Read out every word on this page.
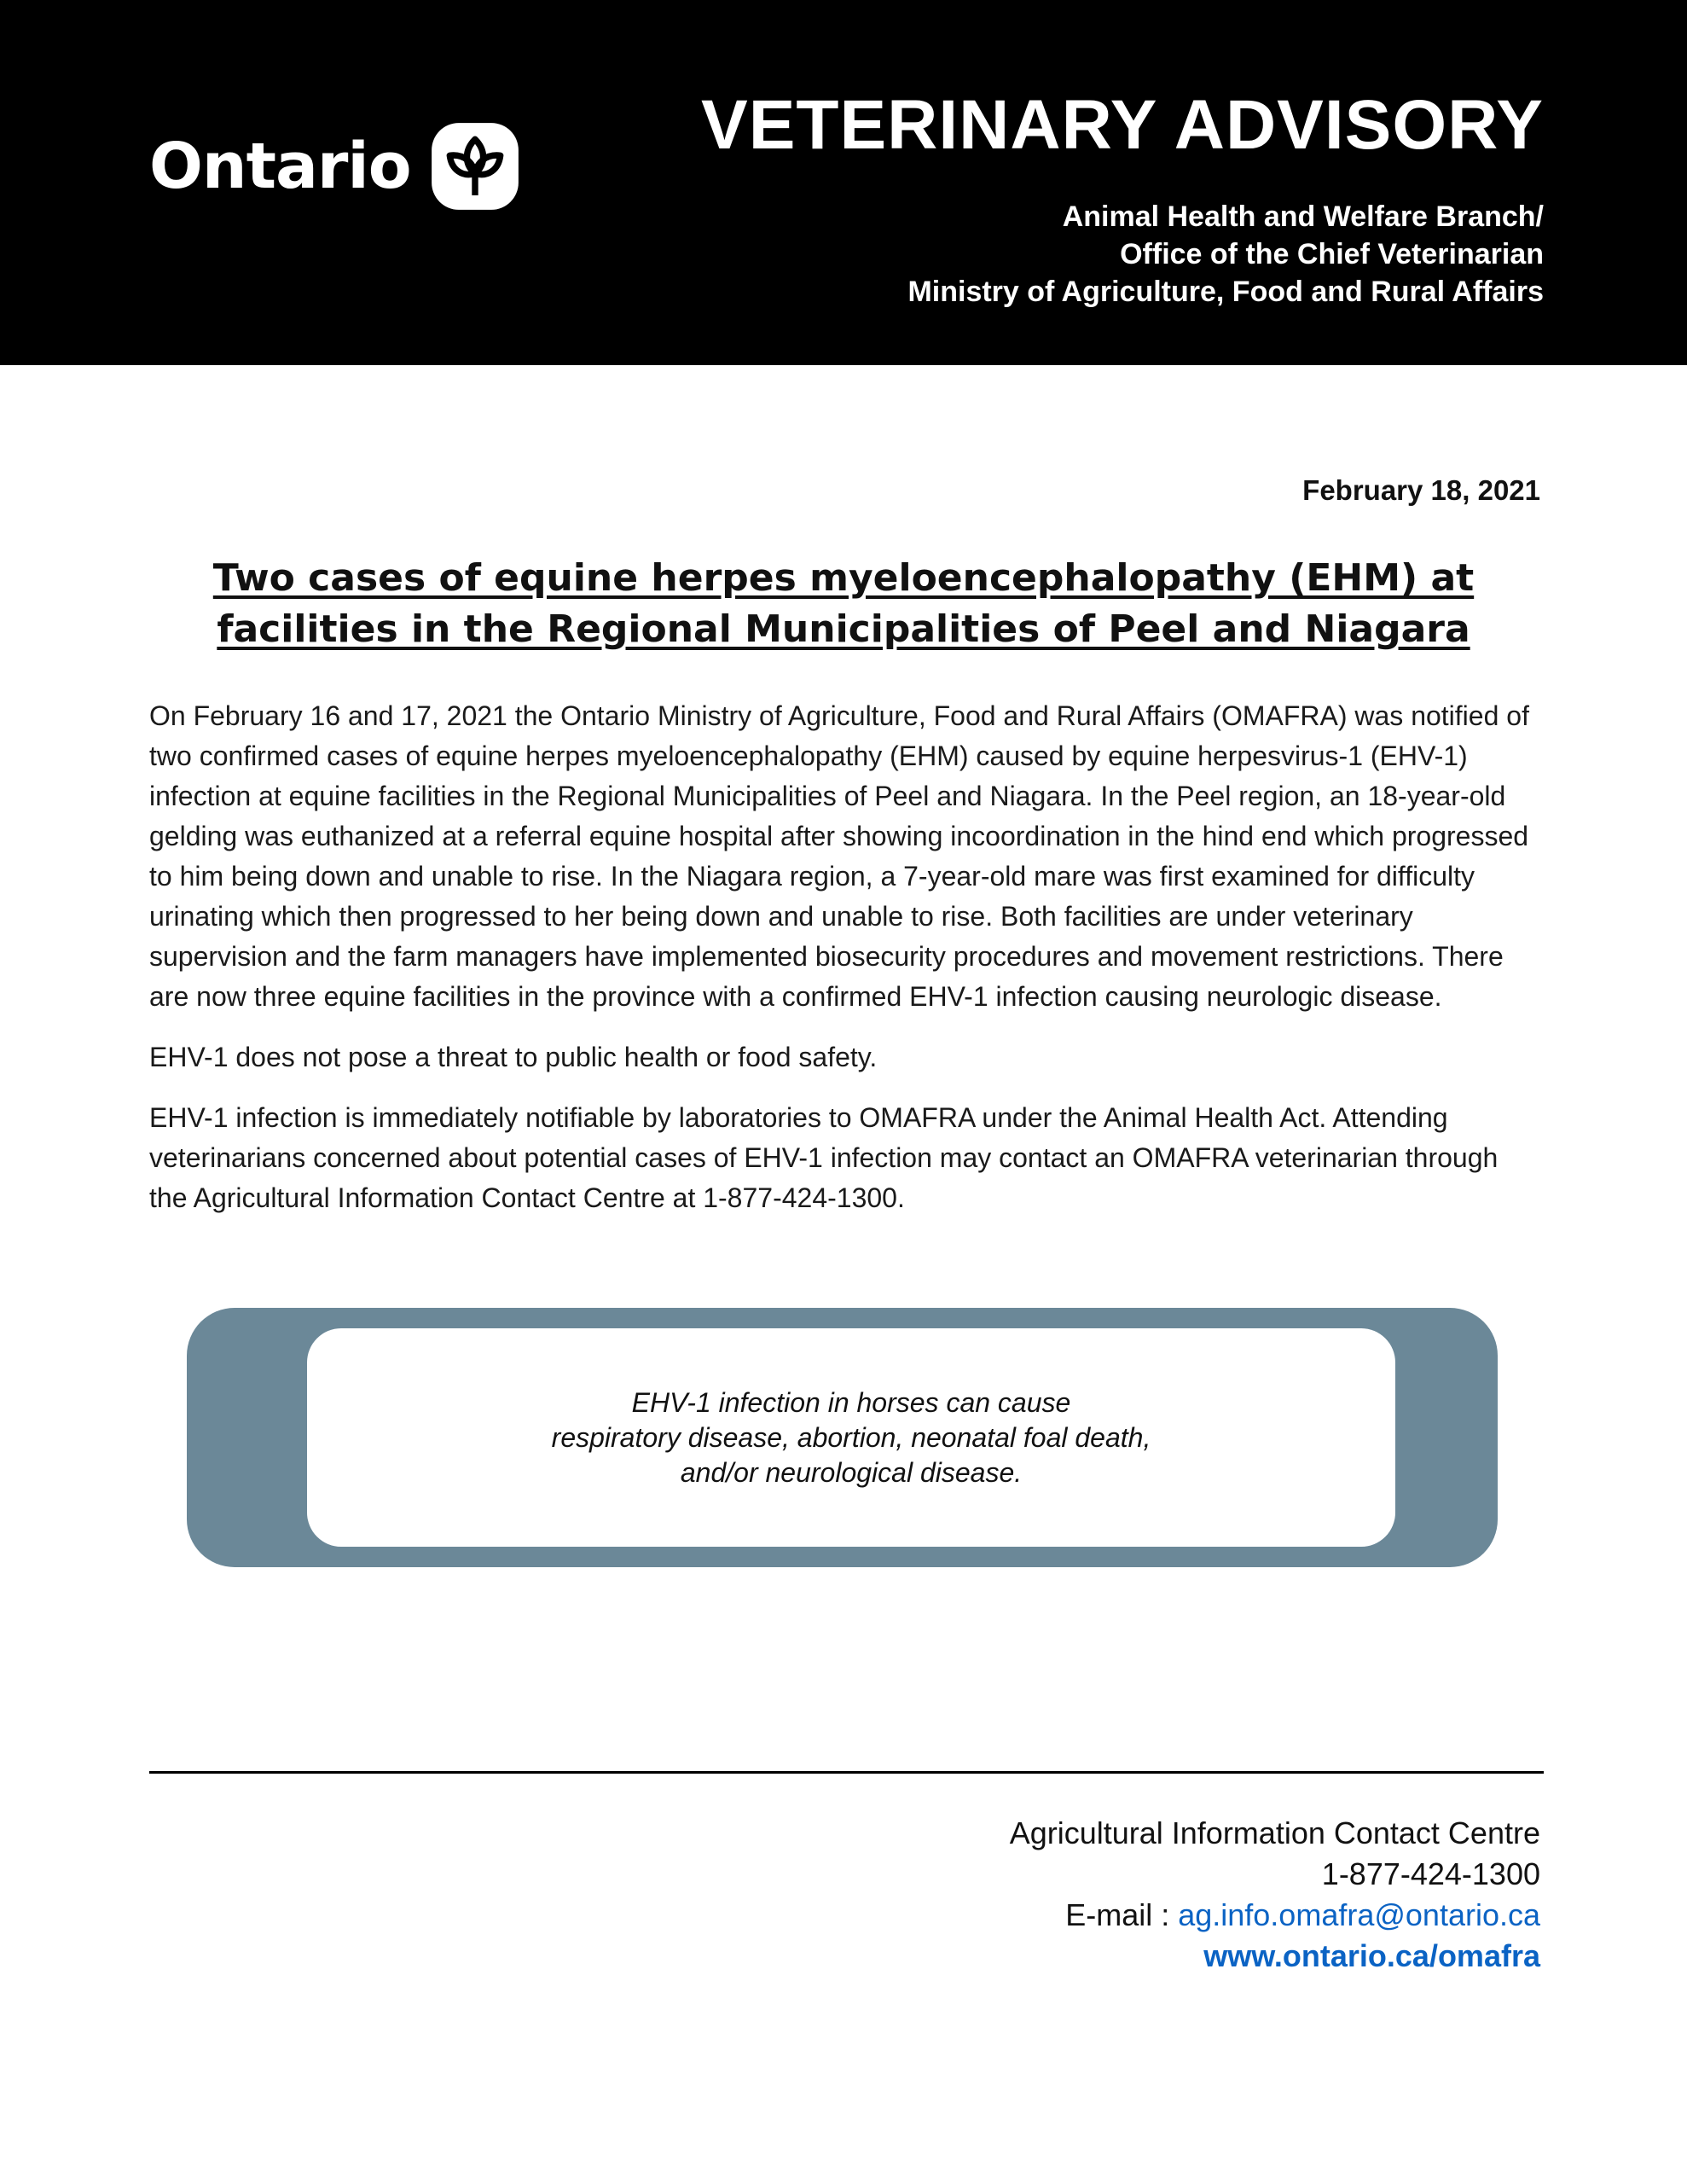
Ontario
VETERINARY ADVISORY
Animal Health and Welfare Branch/
Office of the Chief Veterinarian
Ministry of Agriculture, Food and Rural Affairs
February 18, 2021
Two cases of equine herpes myeloencephalopathy (EHM) at
facilities in the Regional Municipalities of Peel and Niagara

On February 16 and 17, 2021 the Ontario Ministry of Agriculture, Food and Rural Affairs (OMAFRA) was notified of two confirmed cases of equine herpes myeloencephalopathy (EHM) caused by equine herpesvirus-1 (EHV-1) infection at equine facilities in the Regional Municipalities of Peel and Niagara. In the Peel region, an 18-year-old gelding was euthanized at a referral equine hospital after showing incoordination in the hind end which progressed to him being down and unable to rise. In the Niagara region, a 7-year-old mare was first examined for difficulty urinating which then progressed to her being down and unable to rise. Both facilities are under veterinary supervision and the farm managers have implemented biosecurity procedures and movement restrictions. There are now three equine facilities in the province with a confirmed EHV-1 infection causing neurologic disease.

EHV-1 does not pose a threat to public health or food safety.

EHV-1 infection is immediately notifiable by laboratories to OMAFRA under the Animal Health Act. Attending veterinarians concerned about potential cases of EHV-1 infection may contact an OMAFRA veterinarian through the Agricultural Information Contact Centre at 1-877-424-1300.

EHV-1 infection in horses can cause
respiratory disease, abortion, neonatal foal death,
and/or neurological disease.
Agricultural Information Contact Centre
1-877-424-1300
E-mail : ag.info.omafra@ontario.ca
www.ontario.ca/omafra
